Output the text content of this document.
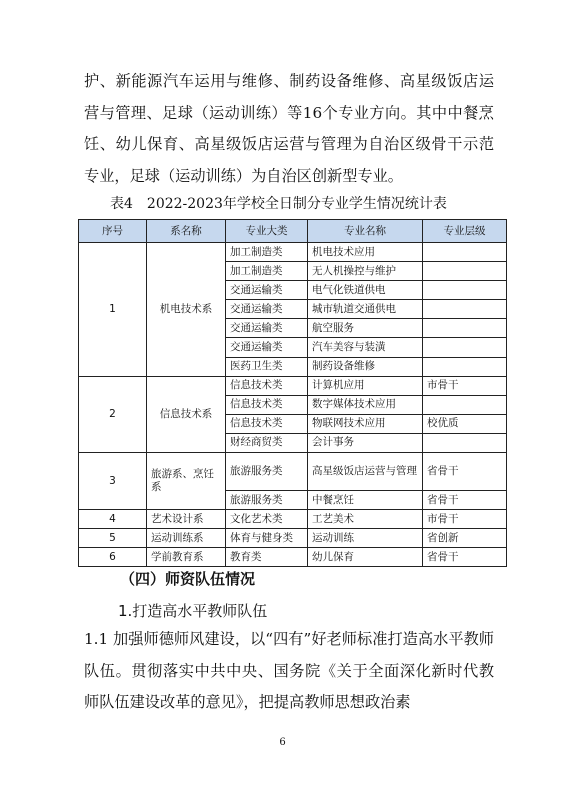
护、新能源汽车运用与维修、制药设备维修、高星级饭店运营与管理、足球（运动训练）等16个专业方向。其中中餐烹饪、幼儿保育、高星级饭店运营与管理为自治区级骨干示范专业，足球（运动训练）为自治区创新型专业。

表4　2022-2023年学校全日制分专业学生情况统计表
序号	系名称	专业大类	专业名称	专业层级
1	机电技术系	加工制造类	机电技术应用	
		加工制造类	无人机操控与维护	
		交通运输类	电气化铁道供电	
		交通运输类	城市轨道交通供电	
		交通运输类	航空服务	
		交通运输类	汽车美容与装潢	
		医药卫生类	制药设备维修	
2	信息技术系	信息技术类	计算机应用	市骨干
		信息技术类	数字媒体技术应用	
		信息技术类	物联网技术应用	校优质
		财经商贸类	会计事务	
3	旅游系、烹饪系	旅游服务类	高星级饭店运营与管理	省骨干
		旅游服务类	中餐烹饪	省骨干
4	艺术设计系	文化艺术类	工艺美术	市骨干
5	运动训练系	体育与健身类	运动训练	省创新
6	学前教育系	教育类	幼儿保育	省骨干
（四）师资队伍情况
1.打造高水平教师队伍

1.1 加强师德师风建设，以“四有”好老师标准打造高水平教师队伍。贯彻落实中共中央、国务院《关于全面深化新时代教师队伍建设改革的意见》，把提高教师思想政治素

6
